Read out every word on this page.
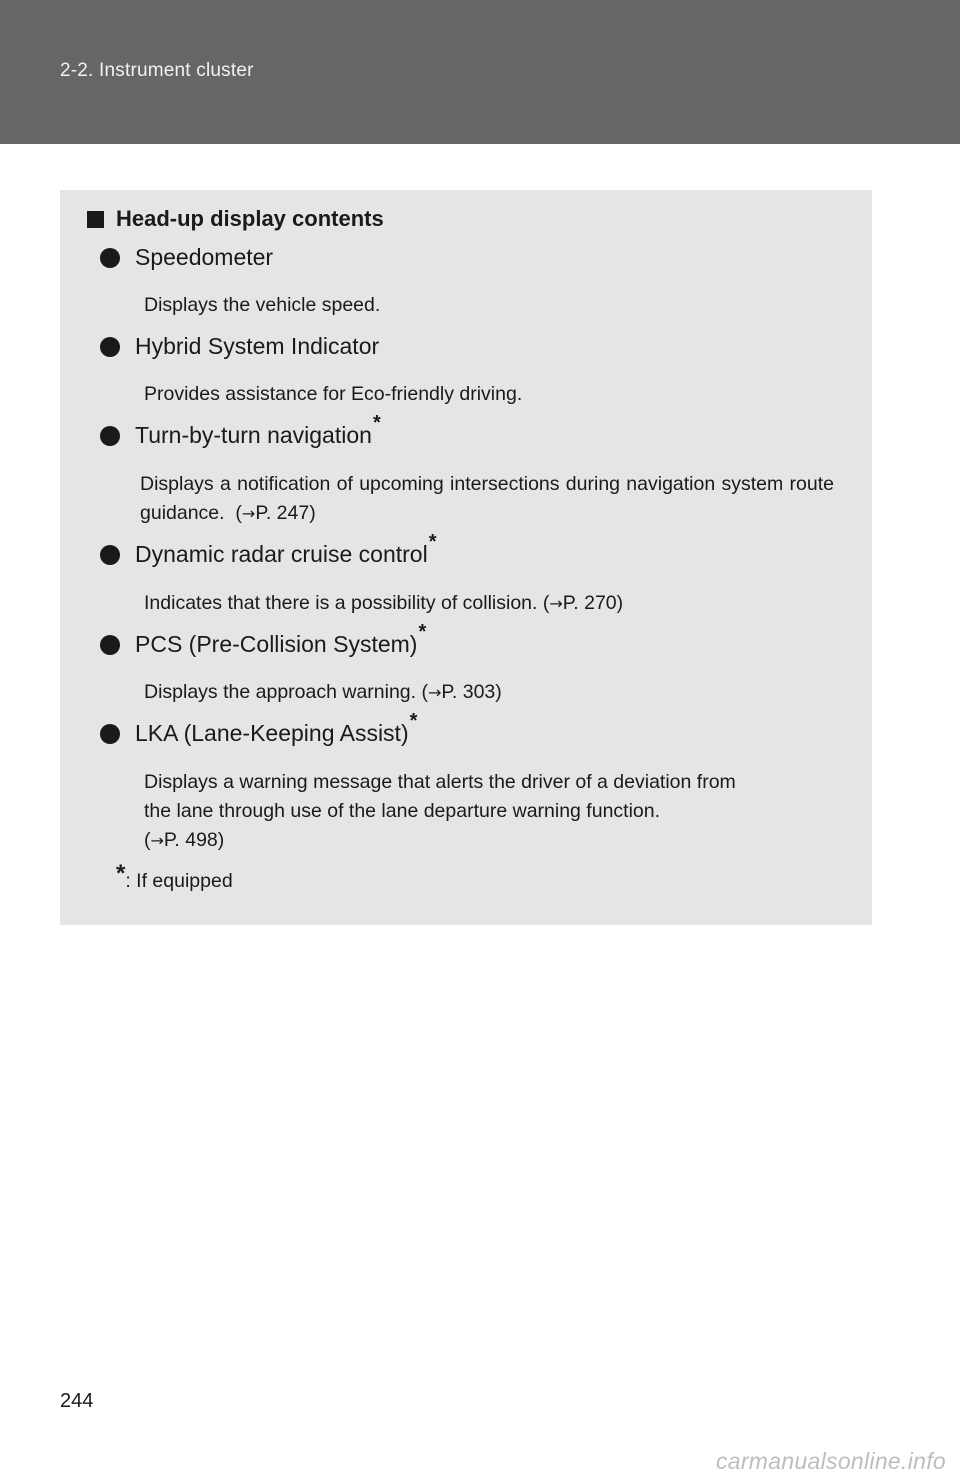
2-2. Instrument cluster
Head-up display contents
Speedometer
Displays the vehicle speed.
Hybrid System Indicator
Provides assistance for Eco-friendly driving.
Turn-by-turn navigation *
Displays a notification of upcoming intersections during navigation system route guidance.  (→P. 247)
Dynamic radar cruise control *
Indicates that there is a possibility of collision. (→P. 270)
PCS (Pre-Collision System) *
Displays the approach warning. (→P. 303)
LKA (Lane-Keeping Assist) *
Displays a warning message that alerts the driver of a deviation from
the lane through use of the lane departure warning function.
(→P. 498)
*: If equipped
244
carmanualsonline.info
